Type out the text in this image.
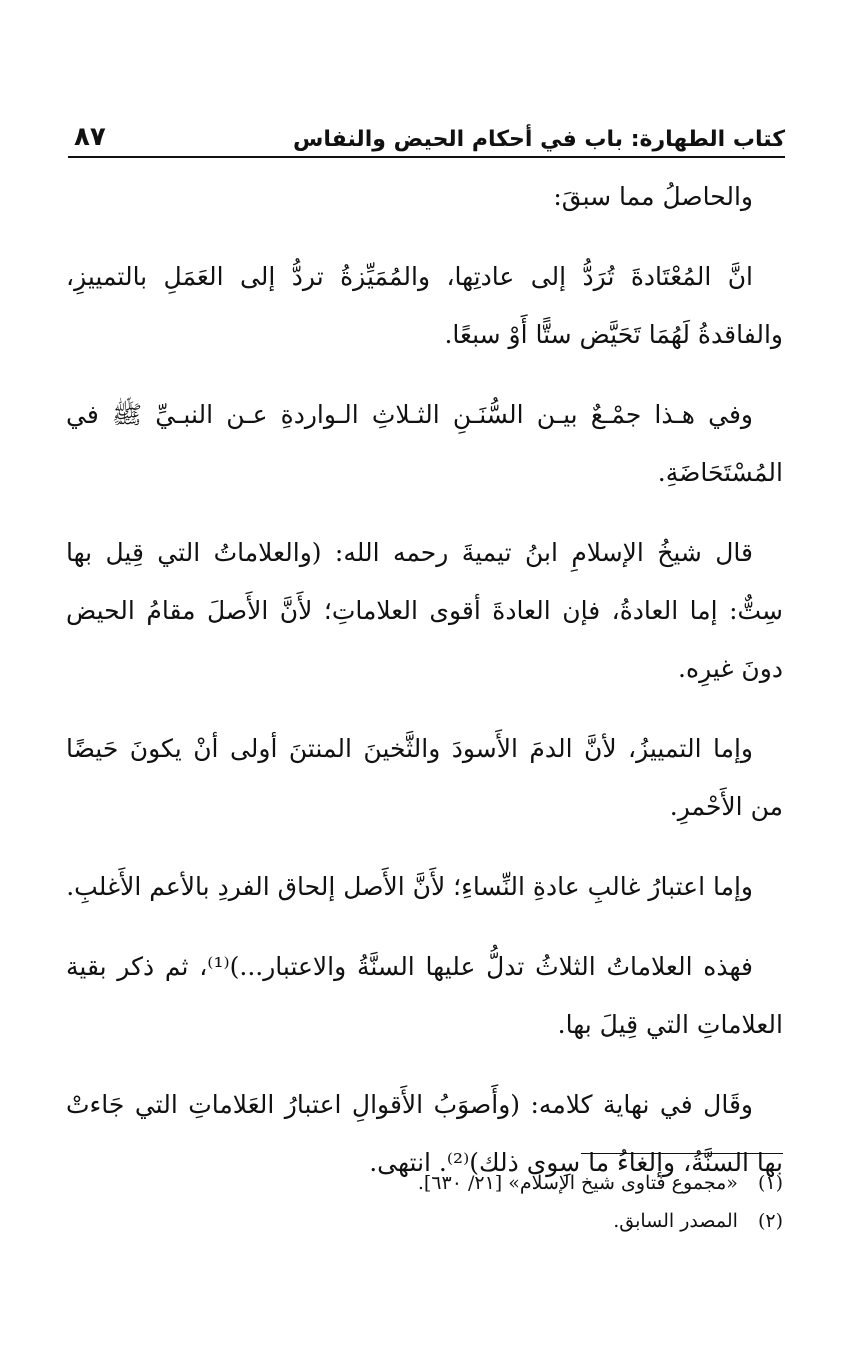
كتاب الطهارة: باب في أحكام الحيض والنفاس
٨٧

والحاصلُ مما سبقَ:

انَّ المُعْتَادةَ تُرَدُّ إلى عادتِها، والمُمَيِّزةُ تردُّ إلى العَمَلِ بالتمييزِ، والفاقدةُ لَهُمَا تَحَيَّض ستًّا أَوْ سبعًا.

وفي هـذا جمْـعٌ بيـن السُّنَـنِ الثـلاثِ الـواردةِ عـن النبـيِّ ﷺ في المُسْتَحَاضَةِ.

قال شيخُ الإسلامِ ابنُ تيميةَ رحمه الله: (والعلاماتُ التي قِيل بها سِتٌّ: إما العادةُ، فإن العادةَ أقوى العلاماتِ؛ لأَنَّ الأَصلَ مقامُ الحيض دونَ غيرِه.

وإما التمييزُ، لأنَّ الدمَ الأَسودَ والثَّخينَ المنتنَ أولى أنْ يكونَ حَيضًا من الأَحْمرِ.

وإما اعتبارُ غالبِ عادةِ النِّساءِ؛ لأَنَّ الأَصل إلحاق الفردِ بالأعم الأَغلبِ.

فهذه العلاماتُ الثلاثُ تدلُّ عليها السنَّةُ والاعتبار...)⁽¹⁾، ثم ذكر بقية العلاماتِ التي قِيلَ بها.

وقَال في نهاية كلامه: (وأَصوَبُ الأَقوالِ اعتبارُ العَلاماتِ التي جَاءتْ بها السنَّةُ، وإلغاءُ ما سِوى ذلك)⁽²⁾. انتهى.

(١) «مجموع فتاوى شيخ الإسلام» [٢١/ ٦٣٠].
(٢) المصدر السابق.
